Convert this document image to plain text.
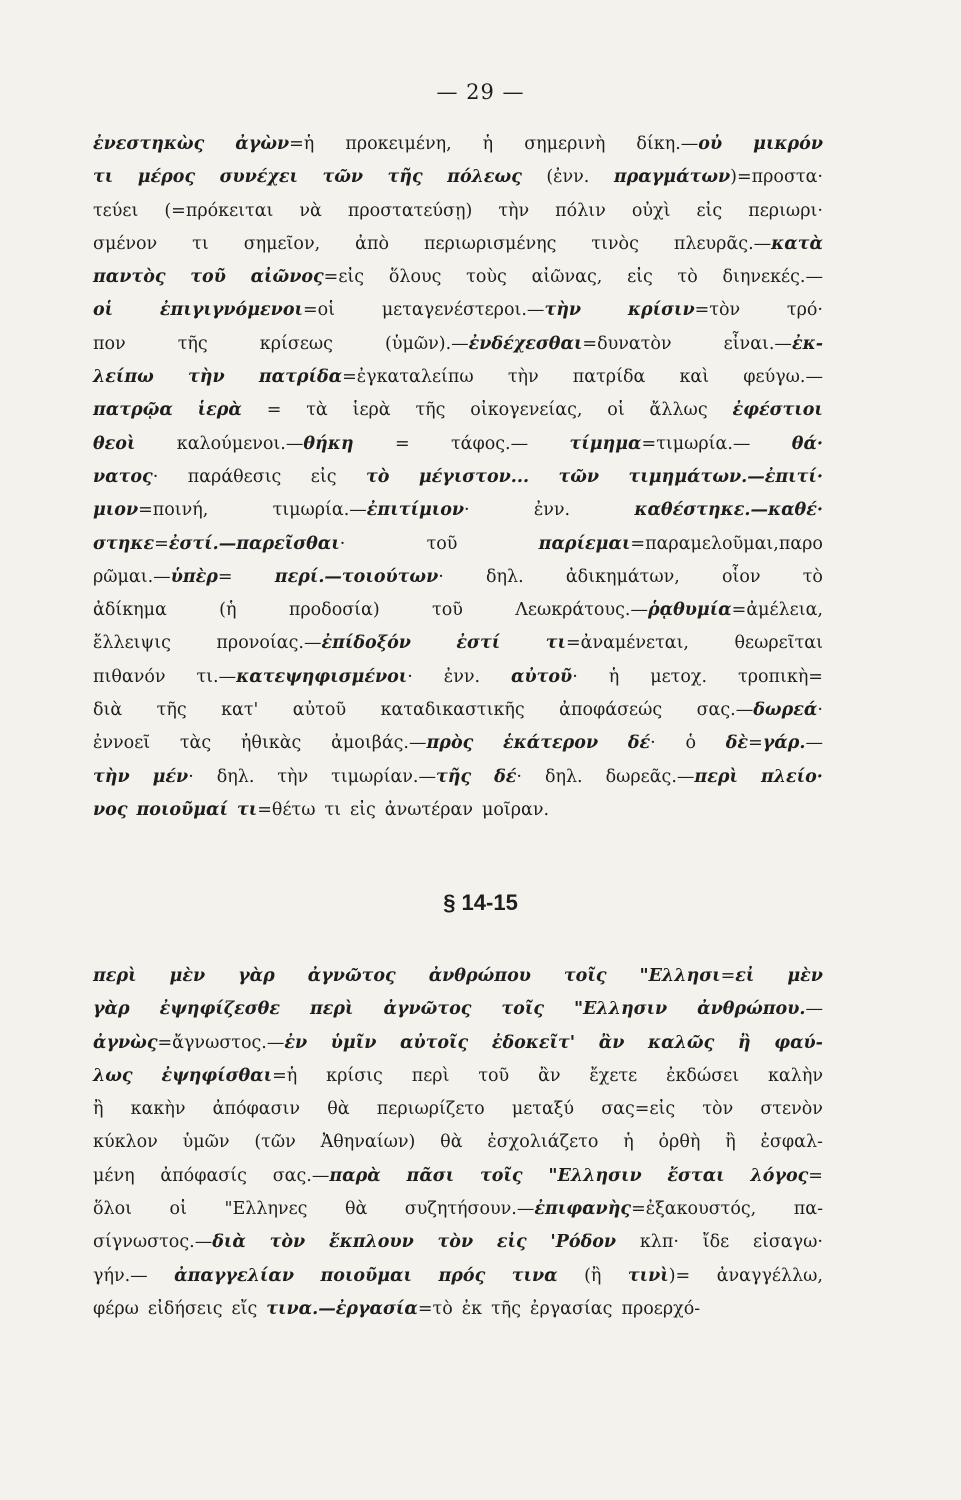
— 29 —
ἐνεστηκὼς ἀγὼν=ἡ προκειμένη, ἡ σημερινὴ δίκη.—οὐ μικρόν
τι μέρος συνέχει τῶν τῆς πόλεως (ἐνν. πραγμάτων)=προστα·
τεύει (=πρόκειται νὰ προστατεύσῃ) τὴν πόλιν οὐχὶ εἰς περιωρι·
σμένον τι σημεῖον, ἀπὸ περιωρισμένης τινὸς πλευρᾶς.—κατὰ
παντὸς τοῦ αἰῶνος=εἰς ὅλους τοὺς αἰῶνας, εἰς τὸ διηνεκές.—
οἱ	ἐπιγιγνόμενοι=οἱ	μεταγενέστεροι.—τὴν	κρίσιν=τὸν	τρό·
πον	τῆς	κρίσεως	(ὑμῶν).—ἐνδέχεσθαι=δυνατὸν	εἶναι.—ἐκ-
λείπω τὴν πατρίδα=ἐγκαταλείπω τὴν πατρίδα καὶ φεύγω.—
πατρῷα ἱερὰ = τὰ ἱερὰ τῆς οἰκογενείας, οἱ ἄλλως ἐφέστιοι
θεοὶ καλούμενοι.—θήκη = τάφος.— τίμημα=τιμωρία.— θά·
νατος· παράθεσις εἰς τὸ μέγιστον... τῶν τιμημάτων.—ἐπιτί·
μιον=ποινή,	τιμωρία.—ἐπιτίμιον·	ἐνν.	καθέστηκε.—καθέ·
στηκε=ἐστί.—παρεῖσθαι·	τοῦ	παρίεμαι=παραμελοῦμαι,παρο
ρῶμαι.—ὑπὲρ= περί.—τοιούτων· δηλ. ἀδικημάτων, οἷον τὸ
ἀδίκημα	(ἡ	προδοσία)	τοῦ	Λεωκράτους.—ῥᾳθυμία=ἀμέλεια,
ἔλλειψις	προνοίας.—ἐπίδοξόν	ἐστί	τι=ἀναμένεται,	θεωρεῖται
πιθανόν τι.—κατεψηφισμένοι· ἐνν. αὐτοῦ· ἡ μετοχ. τροπικὴ=
διὰ τῆς κατ' αὐτοῦ καταδικαστικῆς ἀποφάσεώς σας.—δωρεά·
ἐννοεῖ τὰς ἠθικὰς ἀμοιβάς.—πρὸς ἑκάτερον δέ· ὁ δὲ=γάρ.—
τὴν μέν· δηλ. τὴν τιμωρίαν.—τῆς δέ· δηλ. δωρεᾶς.—περὶ πλείο·
νος ποιοῦμαί τι=θέτω τι εἰς ἀνωτέραν μοῖραν.
§ 14-15
περὶ μὲν γὰρ ἀγνῶτος ἀνθρώπου τοῖς "Ελλησι=εἰ μὲν
γὰρ ἐψηφίζεσθε περὶ ἀγνῶτος τοῖς "Ελλησιν ἀνθρώπου.—
ἀγνὼς=ἄγνωστος.—ἐν ὑμῖν αὐτοῖς ἐδοκεῖτ' ἂν καλῶς ἢ φαύ-
λως ἐψηφίσθαι=ἡ κρίσις περὶ τοῦ ἂν ἔχετε ἐκδώσει καλὴν
ἢ κακὴν ἀπόφασιν θὰ περιωρίζετο μεταξύ σας=εἰς τὸν στενὸν
κύκλον ὑμῶν (τῶν Ἀθηναίων) θὰ ἐσχολιάζετο ἡ ὀρθὴ ἢ ἐσφαλ-
μένη ἀπόφασίς σας.—παρὰ πᾶσι τοῖς "Ελλησιν ἔσται λόγος=
ὅλοι οἱ "Ελληνες θὰ συζητήσουν.—ἐπιφανὴς=ἐξακουστός, πα-
σίγνωστος.—διὰ τὸν ἔκπλουν τὸν εἰς 'Ρόδον κλπ· ἴδε εἰσαγω·
γήν.— ἀπαγγελίαν ποιοῦμαι πρός τινα (ἢ τινὶ)= ἀναγγέλλω,
φέρω εἰδήσεις εἴς τινα.—ἐργασία=τὸ ἐκ τῆς ἐργασίας προερχό-
